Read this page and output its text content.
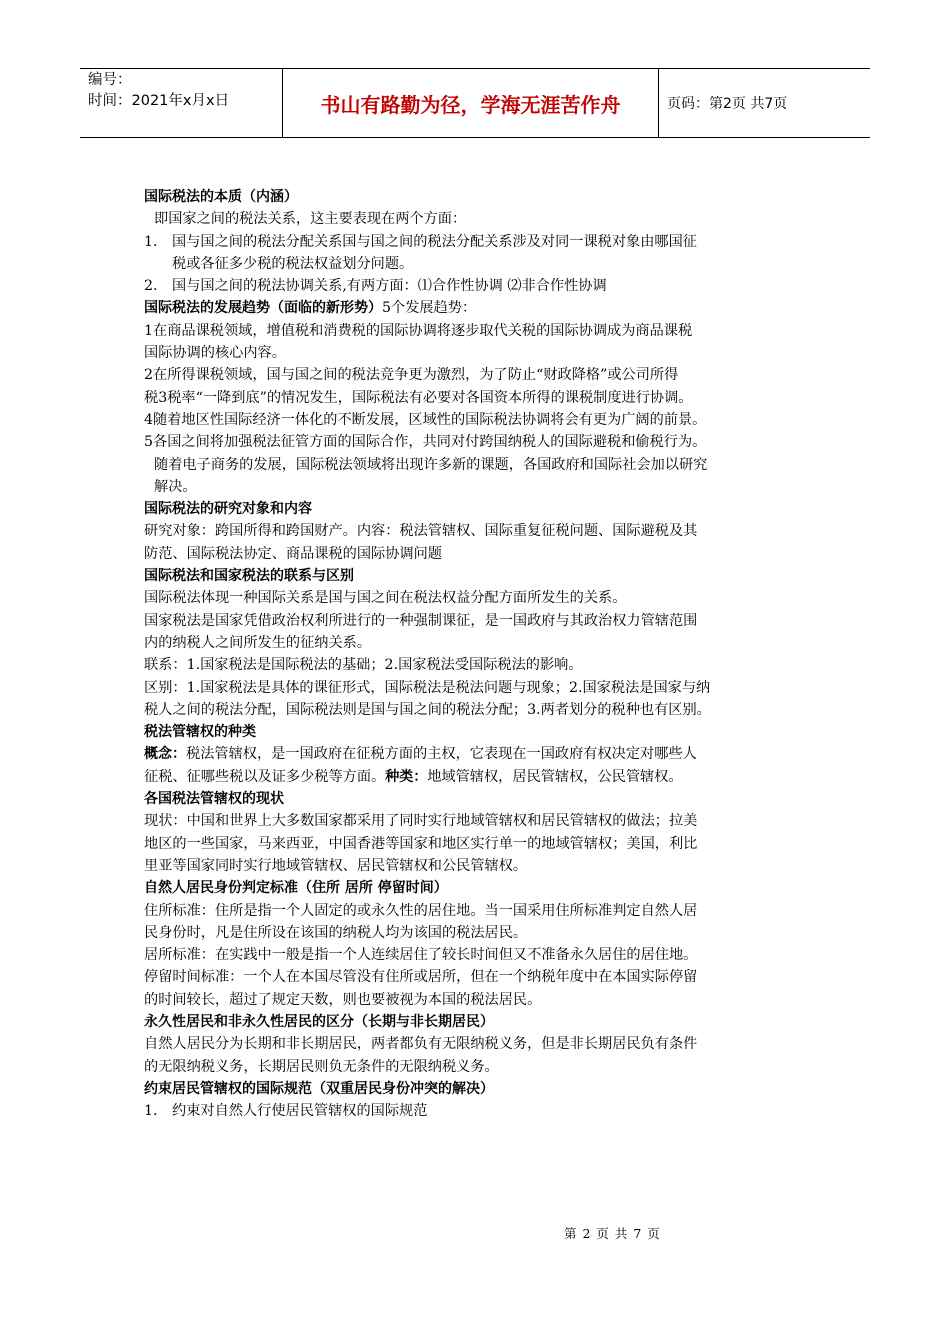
编号：
时间：2021年x月x日	书山有路勤为径，学海无涯苦作舟	页码：第2页 共7页

国际税法的本质（内涵）

即国家之间的税法关系，这主要表现在两个方面：

1． 国与国之间的税法分配关系国与国之间的税法分配关系涉及对同一课税对象由哪国征

税或各征多少税的税法权益划分问题。

2． 国与国之间的税法协调关系,有两方面：⑴合作性协调 ⑵非合作性协调

国际税法的发展趋势（面临的新形势）5个发展趋势：

1在商品课税领域，增值税和消费税的国际协调将逐步取代关税的国际协调成为商品课税

国际协调的核心内容。

2在所得课税领域，国与国之间的税法竞争更为激烈，为了防止“财政降格”或公司所得

税3税率“一降到底”的情况发生，国际税法有必要对各国资本所得的课税制度进行协调。

4随着地区性国际经济一体化的不断发展，区域性的国际税法协调将会有更为广阔的前景。

5各国之间将加强税法征管方面的国际合作，共同对付跨国纳税人的国际避税和偷税行为。

随着电子商务的发展，国际税法领域将出现许多新的课题，各国政府和国际社会加以研究

解决。

国际税法的研究对象和内容

研究对象：跨国所得和跨国财产。内容：税法管辖权、国际重复征税问题、国际避税及其

防范、国际税法协定、商品课税的国际协调问题

国际税法和国家税法的联系与区别

国际税法体现一种国际关系是国与国之间在税法权益分配方面所发生的关系。

国家税法是国家凭借政治权利所进行的一种强制课征，是一国政府与其政治权力管辖范围

内的纳税人之间所发生的征纳关系。

联系：1.国家税法是国际税法的基础；2.国家税法受国际税法的影响。

区别：1.国家税法是具体的课征形式，国际税法是税法问题与现象；2.国家税法是国家与纳

税人之间的税法分配，国际税法则是国与国之间的税法分配；3.两者划分的税种也有区别。

税法管辖权的种类

概念：税法管辖权，是一国政府在征税方面的主权，它表现在一国政府有权决定对哪些人

征税、征哪些税以及证多少税等方面。种类：地域管辖权，居民管辖权，公民管辖权。

各国税法管辖权的现状

现状：中国和世界上大多数国家都采用了同时实行地域管辖权和居民管辖权的做法；拉美

地区的一些国家，马来西亚，中国香港等国家和地区实行单一的地域管辖权；美国，利比

里亚等国家同时实行地域管辖权、居民管辖权和公民管辖权。

自然人居民身份判定标准（住所 居所 停留时间）

住所标准：住所是指一个人固定的或永久性的居住地。当一国采用住所标准判定自然人居

民身份时，凡是住所设在该国的纳税人均为该国的税法居民。

居所标准：在实践中一般是指一个人连续居住了较长时间但又不准备永久居住的居住地。

停留时间标准：一个人在本国尽管没有住所或居所，但在一个纳税年度中在本国实际停留

的时间较长，超过了规定天数，则也要被视为本国的税法居民。

永久性居民和非永久性居民的区分（长期与非长期居民）

自然人居民分为长期和非长期居民，两者都负有无限纳税义务，但是非长期居民负有条件

的无限纳税义务，长期居民则负无条件的无限纳税义务。

约束居民管辖权的国际规范（双重居民身份冲突的解决）

1． 约束对自然人行使居民管辖权的国际规范

第 2 页 共 7 页
